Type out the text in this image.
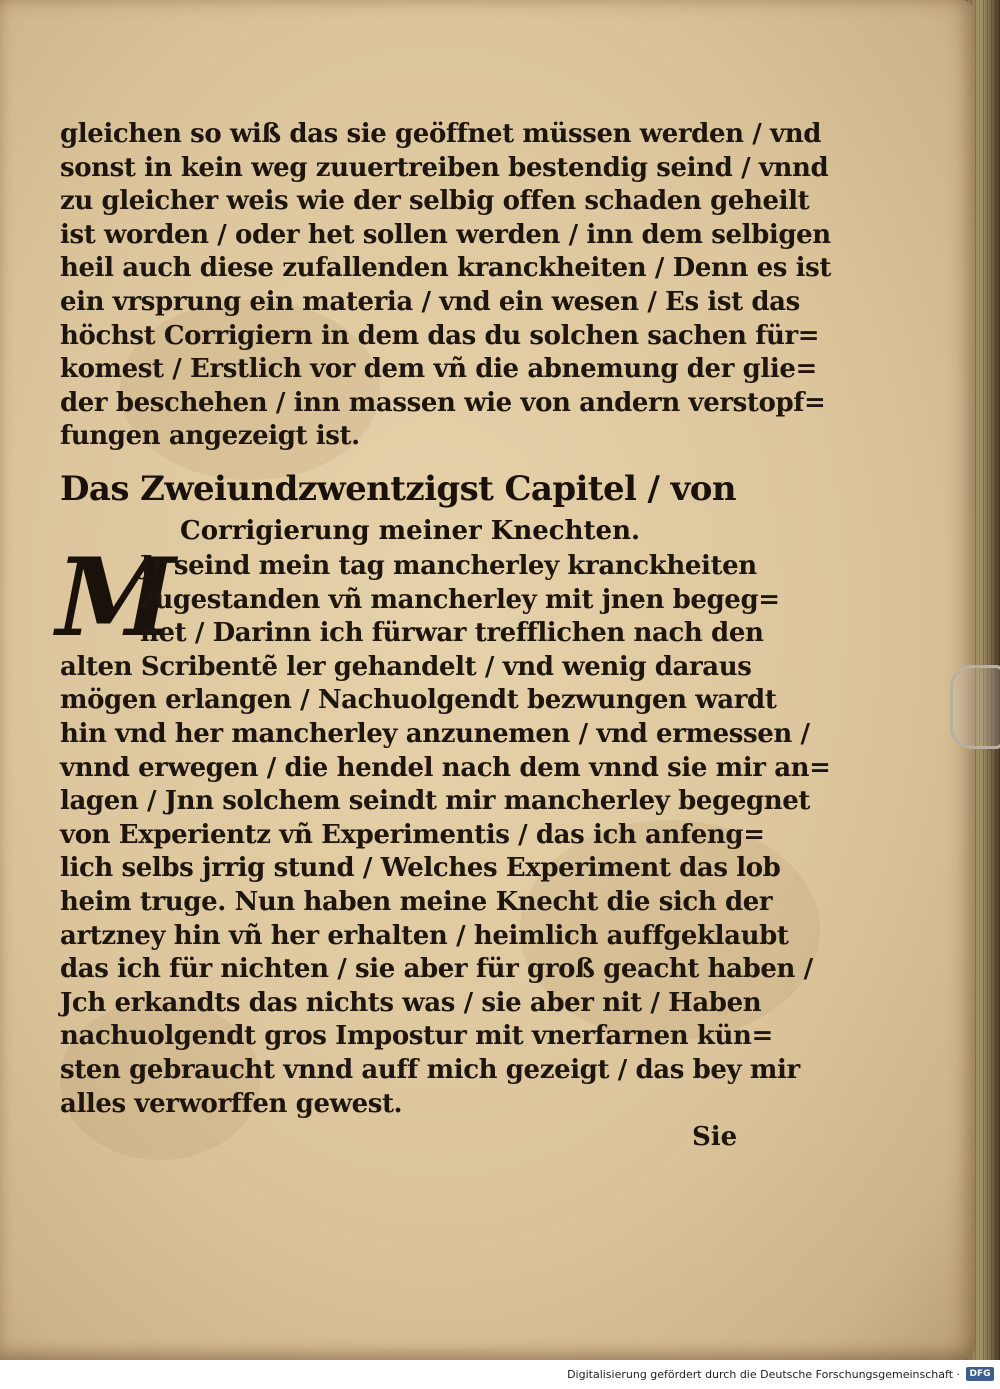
gleichen so wiß das sie geöffnet müssen werden / vnd
sonst in kein weg zuuertreiben bestendig seind / vnnd
zu gleicher weis wie der selbig offen schaden geheilt
ist worden / oder het sollen werden / inn dem selbigen
heil auch diese zufallenden kranckheiten / Denn es ist
ein vrsprung ein materia / vnd ein wesen / Es ist das
höchst Corrigiern in dem das du solchen sachen für=
komest / Erstlich vor dem vñ die abnemung der glie=
der beschehen / inn massen wie von andern verstopf=
fungen angezeigt ist.
Das Zweiundzwentzigst Capitel / von
Corrigierung meiner Knechten.
M
Jr seind mein tag mancherley kranckheiten
zugestanden vñ mancherley mit jnen begeg=
net / Darinn ich fürwar trefflichen nach den
alten Scribentẽ ler gehandelt / vnd wenig daraus
mögen erlangen / Nachuolgendt bezwungen wardt
hin vnd her mancherley anzunemen / vnd ermessen /
vnnd erwegen / die hendel nach dem vnnd sie mir an=
lagen / Jnn solchem seindt mir mancherley begegnet
von Experientz vñ Experimentis / das ich anfeng=
lich selbs jrrig stund / Welches Experiment das lob
heim truge. Nun haben meine Knecht die sich der
artzney hin vñ her erhalten / heimlich auffgeklaubt
das ich für nichten / sie aber für groß geacht haben /
Jch erkandts das nichts was / sie aber nit / Haben
nachuolgendt gros Impostur mit vnerfarnen kün=
sten gebraucht vnnd auff mich gezeigt / das bey mir
alles verworffen gewest.
Sie
Digitalisierung gefördert durch die Deutsche Forschungsgemeinschaft ·	DFG
